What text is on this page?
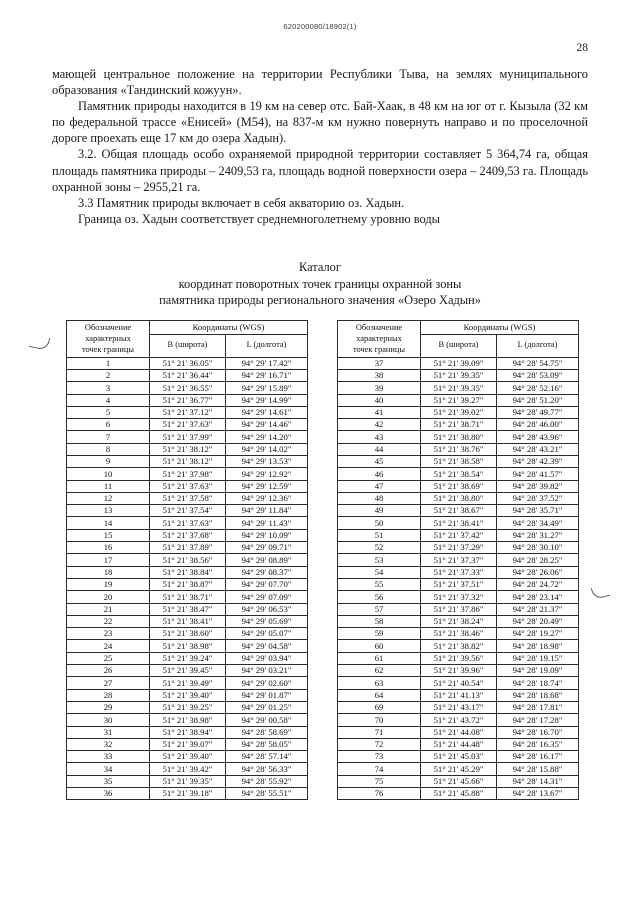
620200080/18902(1)
28

мающей центральное положение на территории Республики Тыва, на землях муниципального образования «Тандинский кожуун».

Памятник природы находится в 19 км на север отс. Бай-Хаак, в 48 км на юг от г. Кызыла (32 км по федеральной трассе «Енисей» (М54), на 837-м км нужно повернуть направо и по проселочной дороге проехать еще 17 км до озера Хадын).

3.2. Общая площадь особо охраняемой природной территории составляет 5 364,74 га, общая площадь памятника природы – 2409,53 га, площадь водной поверхности озера – 2409,53 га. Площадь охранной зоны – 2955,21 га.

3.3 Памятник природы включает в себя акваторию оз. Хадын.

Граница оз. Хадын соответствует среднемноголетнему уровню воды

Каталог
координат поворотных точек границы охранной зоны
памятника природы регионального значения «Озеро Хадын»
Обозначение
характерных
точек границы	Координаты (WGS)	
	B (широта)	L (долгота)
1	51° 21' 36.05"	94° 29' 17.42"
2	51° 21' 36.44"	94° 29' 16.71"
3	51° 21' 36.55"	94° 29' 15.89"
4	51° 21' 36.77"	94° 29' 14.99"
5	51° 21' 37.12"	94° 29' 14.61"
6	51° 21' 37.63"	94° 29' 14.46"
7	51° 21' 37.99"	94° 29' 14.20"
8	51° 21' 38.12"	94° 29' 14.02"
9	51° 21' 38.12"	94° 29' 13.53"
10	51° 21' 37.98"	94° 29' 12.92"
11	51° 21' 37.63"	94° 29' 12.59"
12	51° 21' 37.58"	94° 29' 12.36"
13	51° 21' 37.54"	94° 29' 11.84"
14	51° 21' 37.63"	94° 29' 11.43"
15	51° 21' 37.68"	94° 29' 10.09"
16	51° 21' 37.89"	94° 29' 09.71"
17	51° 21' 38.56"	94° 29' 08.89"
18	51° 21' 38.84"	94° 29' 08.37"
19	51° 21' 38.87"	94° 29' 07.70"
20	51° 21' 38.71"	94° 29' 07.09"
21	51° 21' 38.47"	94° 29' 06.53"
22	51° 21' 38.41"	94° 29' 05.69"
23	51° 21' 38.60"	94° 29' 05.07"
24	51° 21' 38.98"	94° 29' 04.58"
25	51° 21' 39.24"	94° 29' 03.94"
26	51° 21' 39.45"	94° 29' 03.21"
27	51° 21' 39.49"	94° 29' 02.60"
28	51° 21' 39.40"	94° 29' 01.87"
29	51° 21' 39.25"	94° 29' 01.25"
30	51° 21' 38.98"	94° 29' 00.58"
31	51° 21' 38.94"	94° 28' 58.69"
32	51° 21' 39.07"	94° 28' 58.05"
33	51° 21' 39.40"	94° 28' 57.14"
34	51° 21' 39.42"	94° 28' 56.33"
35	51° 21' 39.35"	94° 28' 55.92"
36	51° 21' 39.18"	94° 28' 55.51"
Обозначение
характерных
точек границы	Координаты (WGS)	
	B (широта)	L (долгота)
37	51° 21' 39.09"	94° 28' 54.75"
38	51° 21' 39.35"	94° 28' 53.09"
39	51° 21' 39.35"	94° 28' 52.16"
40	51° 21' 39.27"	94° 28' 51.20"
41	51° 21' 39.02"	94° 28' 49.77"
42	51° 21' 38.71"	94° 28' 46.00"
43	51° 21' 38.80"	94° 28' 43.96"
44	51° 21' 38.76"	94° 28' 43.21"
45	51° 21' 38.58"	94° 28' 42.39"
46	51° 21' 38.54"	94° 28' 41.57"
47	51° 21' 38.69"	94° 28' 39.82"
48	51° 21' 38.80"	94° 28' 37.52"
49	51° 21' 38.67"	94° 28' 35.71"
50	51° 21' 38.41"	94° 28' 34.49"
51	51° 21' 37.42"	94° 28' 31.27"
52	51° 21' 37.29"	94° 28' 30.10"
53	51° 21' 37.37"	94° 28' 28.25"
54	51° 21' 37.33"	94° 28' 26.06"
55	51° 21' 37.51"	94° 28' 24.72"
56	51° 21' 37.32"	94° 28' 23.14"
57	51° 21' 37.86"	94° 28' 21.37"
58	51° 21' 38.24"	94° 28' 20.49"
59	51° 21' 38.46"	94° 28' 19.27"
60	51° 21' 38.82"	94° 28' 18.98"
61	51° 21' 39.56"	94° 28' 19.15"
62	51° 21' 39.96"	94° 28' 19.09"
63	51° 21' 40.54"	94° 28' 18.74"
64	51° 21' 41.13"	94° 28' 18.68"
69	51° 21' 43.17"	94° 28' 17.81"
70	51° 21' 43.72"	94° 28' 17.28"
71	51° 21' 44.08"	94° 28' 16.70"
72	51° 21' 44.48"	94° 28' 16.35"
73	51° 21' 45.03"	94° 28' 16.17"
74	51° 21' 45.29"	94° 28' 15.88"
75	51° 21' 45.66"	94° 28' 14.31"
76	51° 21' 45.88"	94° 28' 13.67"
